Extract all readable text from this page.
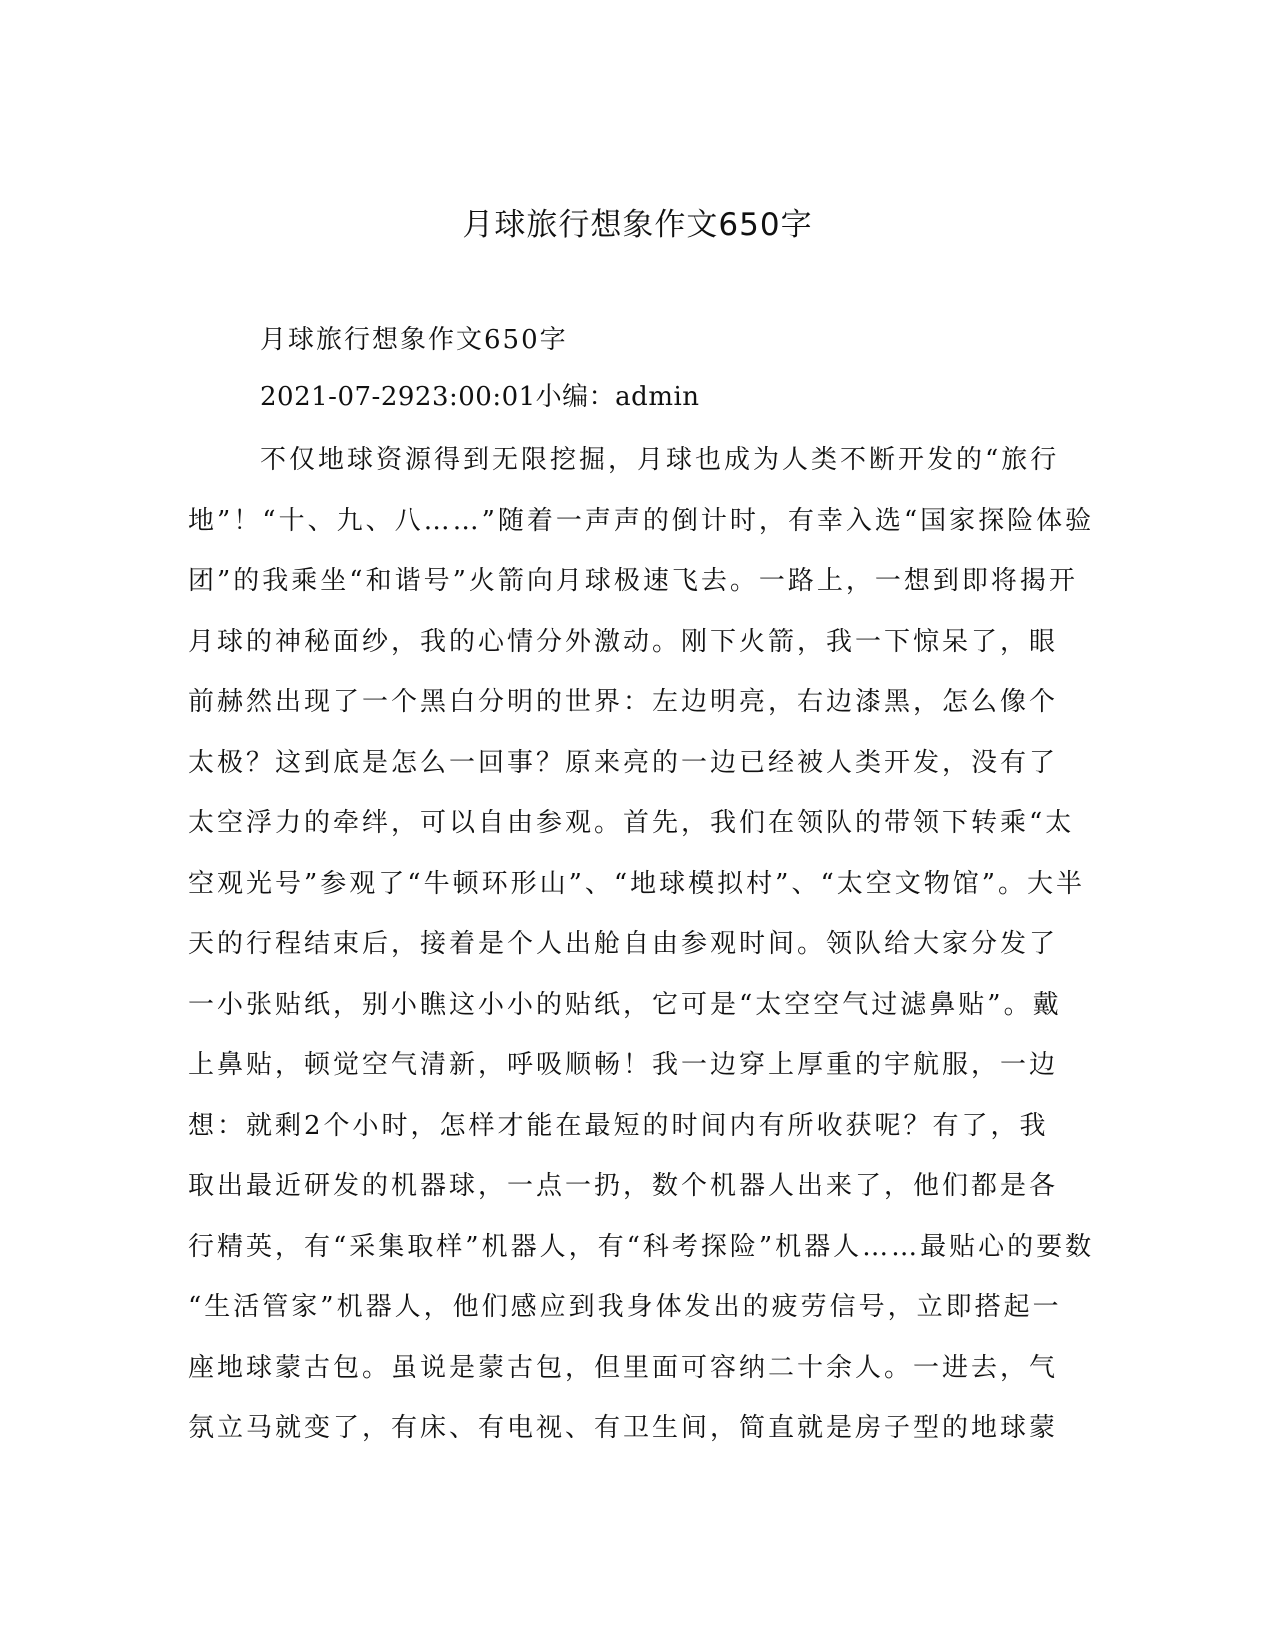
月球旅行想象作文650字

月球旅行想象作文650字

2021-07-2923:00:01小编：admin

不仅地球资源得到无限挖掘，月球也成为人类不断开发的“旅行
地”！“十、九、八……”随着一声声的倒计时，有幸入选“国家探险体验
团”的我乘坐“和谐号”火箭向月球极速飞去。一路上，一想到即将揭开
月球的神秘面纱，我的心情分外激动。刚下火箭，我一下惊呆了，眼
前赫然出现了一个黑白分明的世界：左边明亮，右边漆黑，怎么像个
太极？这到底是怎么一回事？原来亮的一边已经被人类开发，没有了
太空浮力的牵绊，可以自由参观。首先，我们在领队的带领下转乘“太
空观光号”参观了“牛顿环形山”、“地球模拟村”、“太空文物馆”。大半
天的行程结束后，接着是个人出舱自由参观时间。领队给大家分发了
一小张贴纸，别小瞧这小小的贴纸，它可是“太空空气过滤鼻贴”。戴
上鼻贴，顿觉空气清新，呼吸顺畅！我一边穿上厚重的宇航服，一边
想：就剩2个小时，怎样才能在最短的时间内有所收获呢？有了，我
取出最近研发的机器球，一点一扔，数个机器人出来了，他们都是各
行精英，有“采集取样”机器人，有“科考探险”机器人……最贴心的要数
“生活管家”机器人，他们感应到我身体发出的疲劳信号，立即搭起一
座地球蒙古包。虽说是蒙古包，但里面可容纳二十余人。一进去，气
氛立马就变了，有床、有电视、有卫生间，简直就是房子型的地球蒙
